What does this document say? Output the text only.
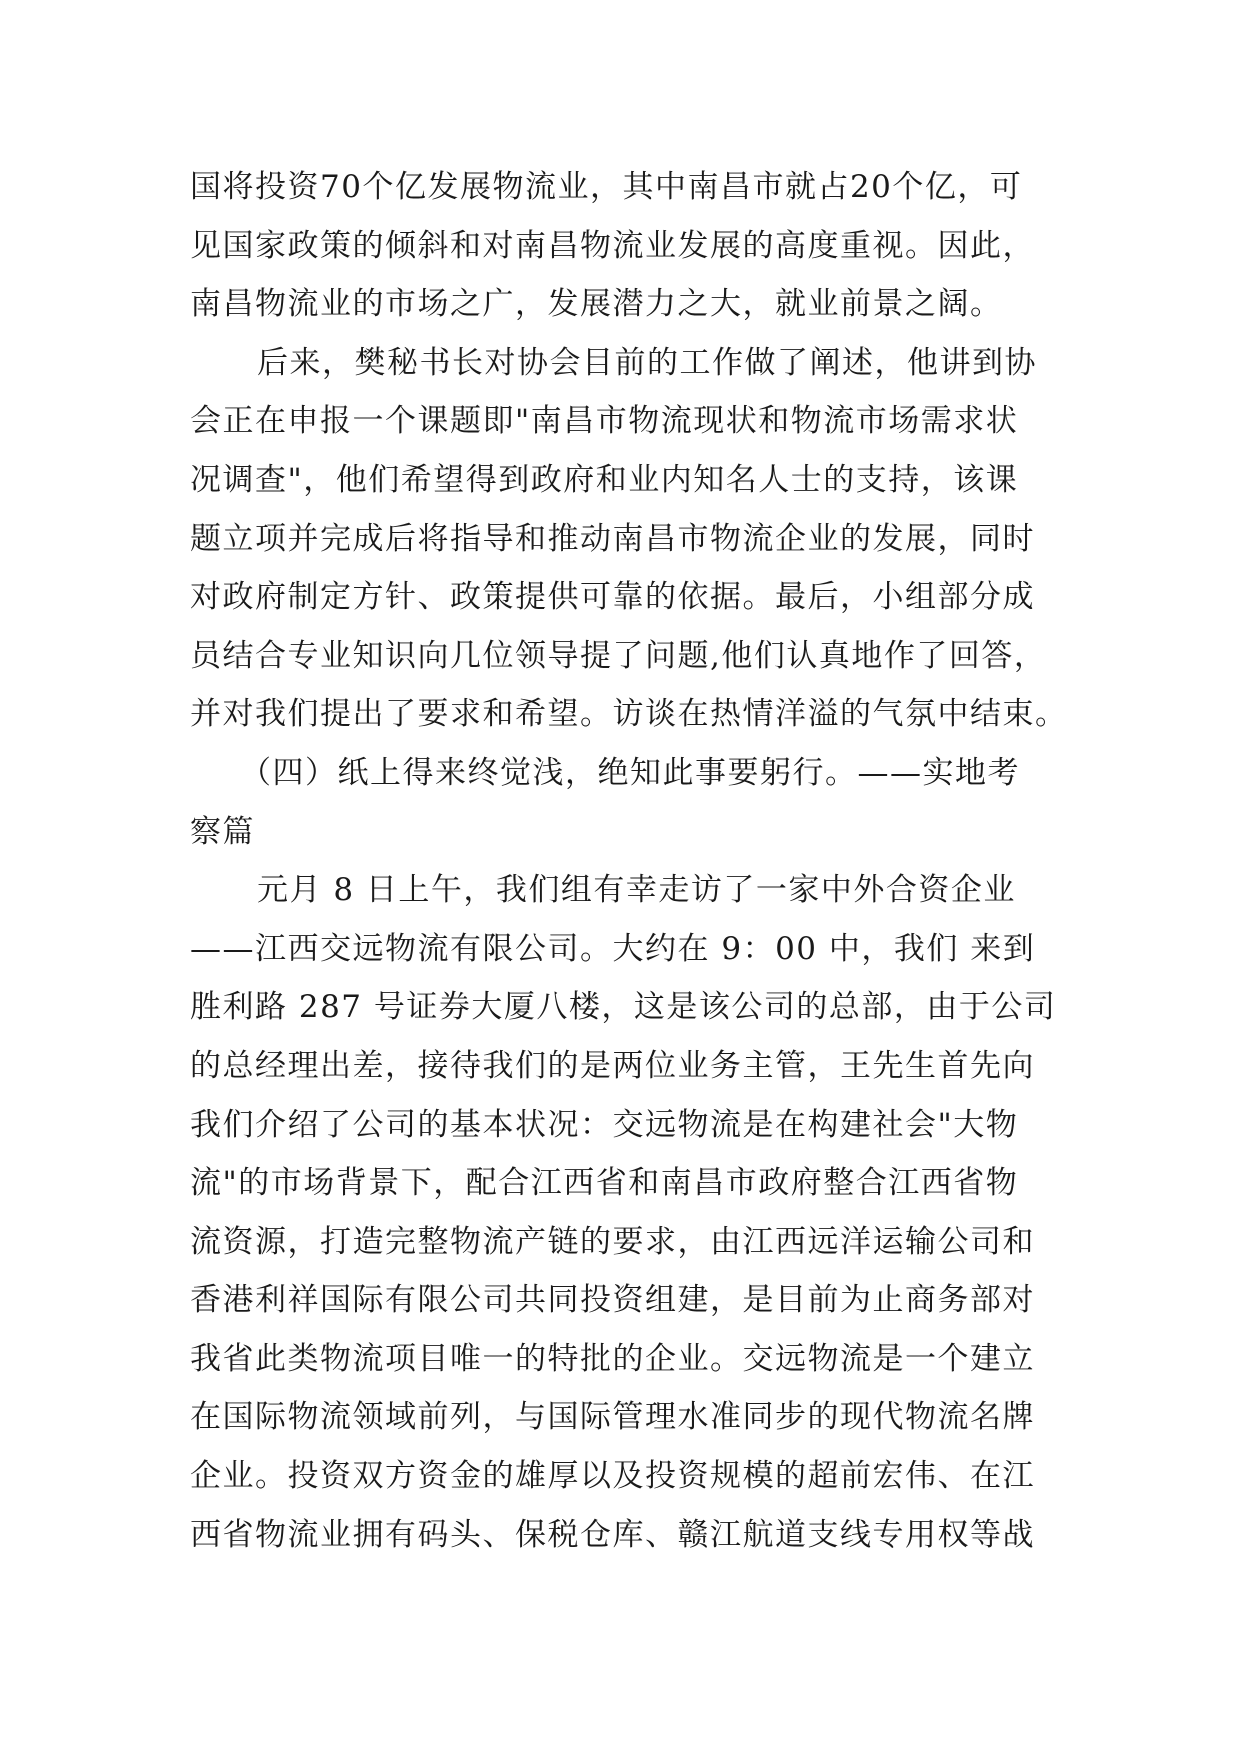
国将投资70个亿发展物流业，其中南昌市就占20个亿，可
见国家政策的倾斜和对南昌物流业发展的高度重视。因此，
南昌物流业的市场之广，发展潜力之大，就业前景之阔。
后来，樊秘书长对协会目前的工作做了阐述，他讲到协
会正在申报一个课题即"南昌市物流现状和物流市场需求状
况调查"，他们希望得到政府和业内知名人士的支持，该课
题立项并完成后将指导和推动南昌市物流企业的发展，同时
对政府制定方针、政策提供可靠的依据。最后，小组部分成
员结合专业知识向几位领导提了问题,他们认真地作了回答，
并对我们提出了要求和希望。访谈在热情洋溢的气氛中结束。
（四）纸上得来终觉浅，绝知此事要躬行。——实地考
察篇
元月 8 日上午，我们组有幸走访了一家中外合资企业
——江西交远物流有限公司。大约在 9：00 中，我们 来到
胜利路 287 号证券大厦八楼，这是该公司的总部，由于公司
的总经理出差，接待我们的是两位业务主管，王先生首先向
我们介绍了公司的基本状况：交远物流是在构建社会"大物
流"的市场背景下，配合江西省和南昌市政府整合江西省物
流资源，打造完整物流产链的要求，由江西远洋运输公司和
香港利祥国际有限公司共同投资组建，是目前为止商务部对
我省此类物流项目唯一的特批的企业。交远物流是一个建立
在国际物流领域前列，与国际管理水准同步的现代物流名牌
企业。投资双方资金的雄厚以及投资规模的超前宏伟、在江
西省物流业拥有码头、保税仓库、赣江航道支线专用权等战
